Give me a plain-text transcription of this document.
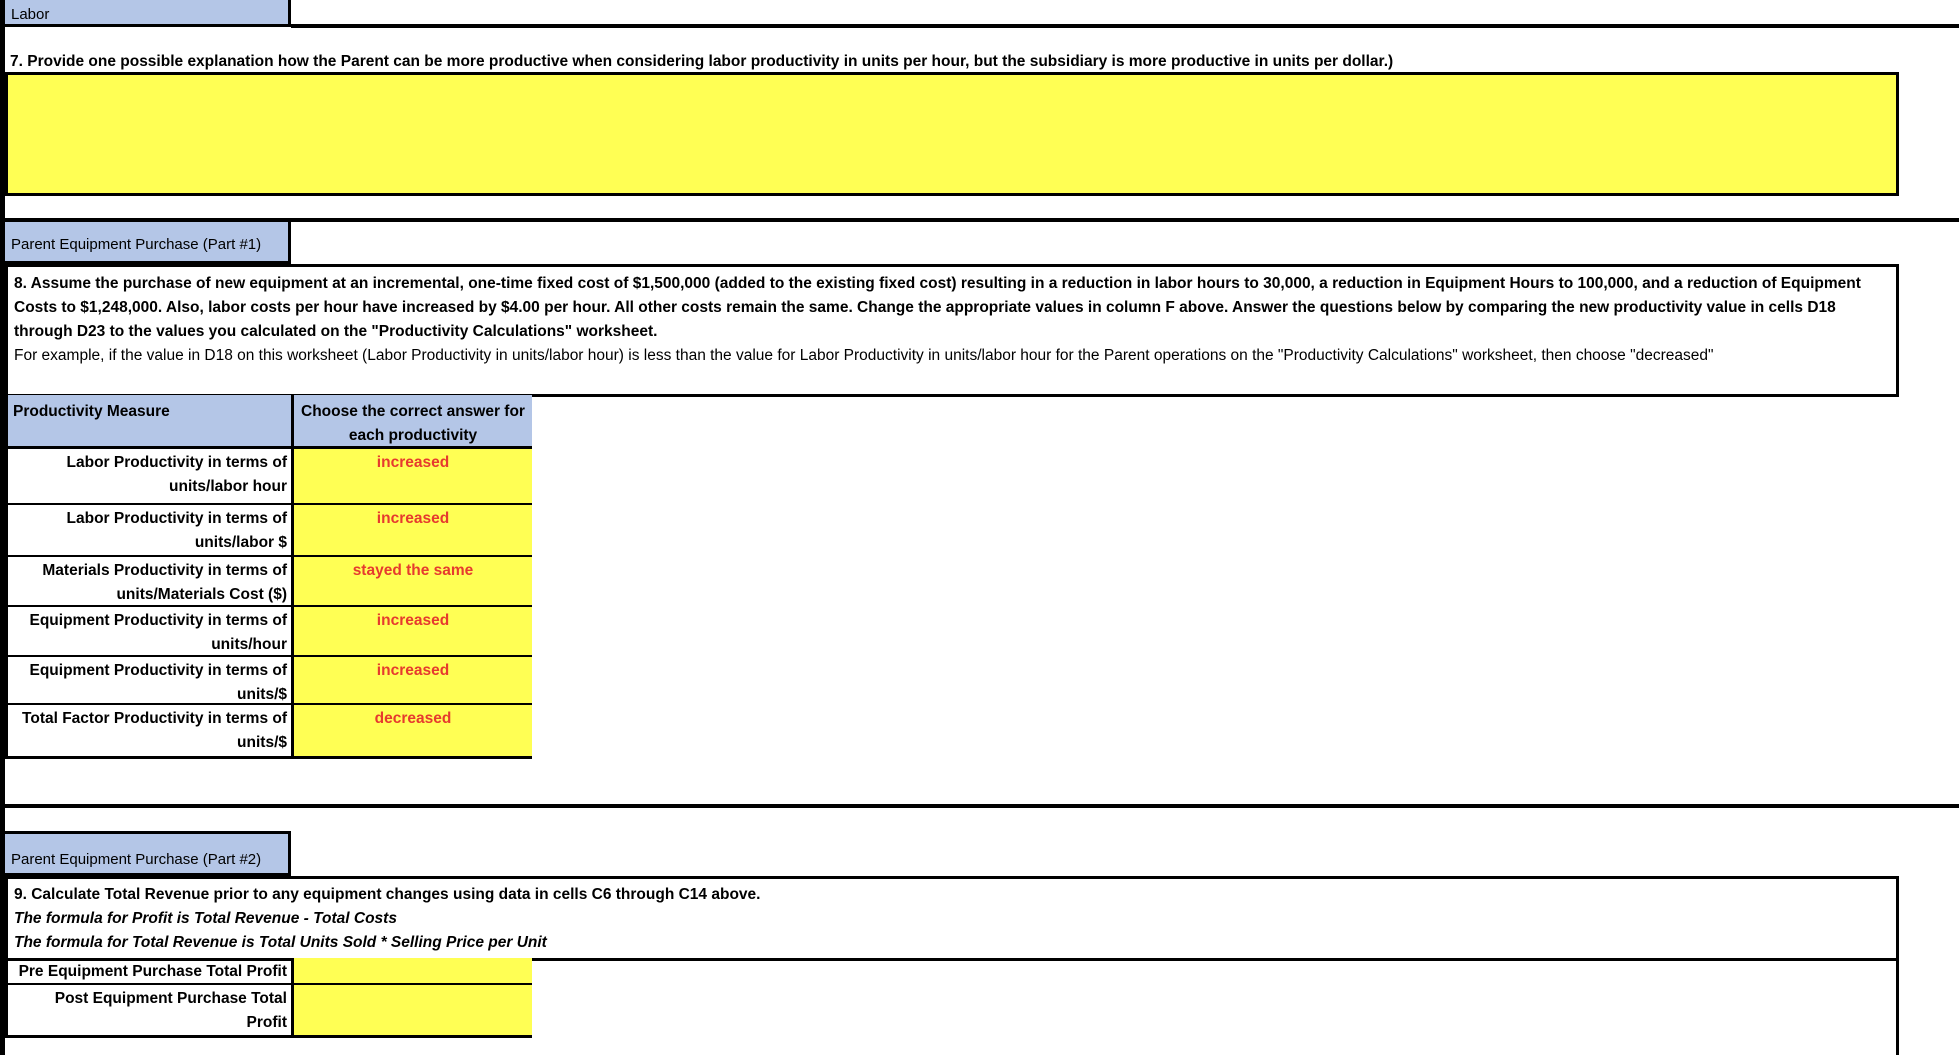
Labor
7. Provide one possible explanation how the Parent can be more productive when considering labor productivity in units per hour, but the subsidiary is more productive in units per dollar.)
Parent Equipment Purchase (Part #1)
8. Assume the purchase of new equipment at an incremental, one-time fixed cost of $1,500,000 (added to the existing fixed cost) resulting in a reduction in labor hours to 30,000, a reduction in Equipment Hours to 100,000, and a reduction of Equipment Costs to $1,248,000. Also, labor costs per hour have increased by $4.00 per hour. All other costs remain the same. Change the appropriate values in column F above. Answer the questions below by comparing the new productivity value in cells D18 through D23 to the values you calculated on the "Productivity Calculations" worksheet.
For example, if the value in D18 on this worksheet (Labor Productivity in units/labor hour) is less than the value for Labor Productivity in units/labor hour for the Parent operations on the "Productivity Calculations" worksheet, then choose "decreased"
Productivity Measure	Choose the correct answer for each productivity
Labor Productivity in terms of units/labor hour
increased
Labor Productivity in terms of units/labor $
increased
Materials Productivity in terms of units/Materials Cost ($)
stayed the same
Equipment Productivity in terms of units/hour
increased
Equipment Productivity in terms of units/$
increased
Total Factor Productivity in terms of units/$
decreased
Parent Equipment Purchase (Part #2)
9. Calculate Total Revenue prior to any equipment changes using data in cells C6 through C14 above.
The formula for Profit is Total Revenue - Total Costs
The formula for Total Revenue is Total Units Sold * Selling Price per Unit
Pre Equipment Purchase Total Profit
Post Equipment Purchase Total Profit
